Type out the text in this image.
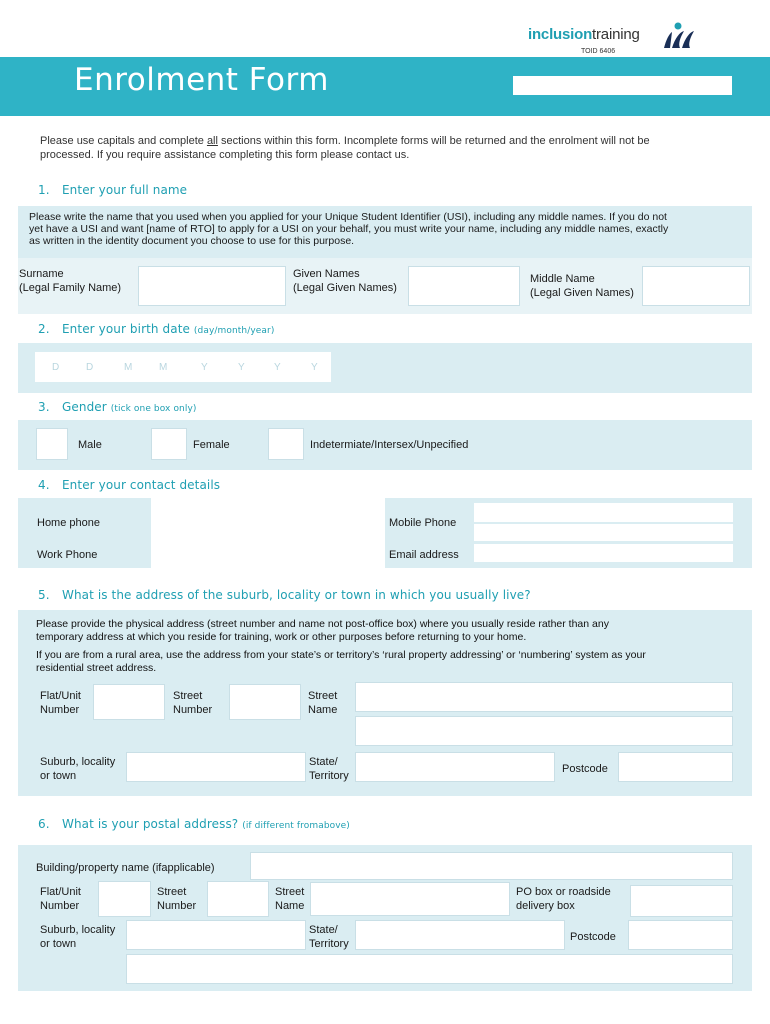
inclusiontraining
TOID 6406
Enrolment Form
Please use capitals and complete all sections within this form. Incomplete forms will be returned and the enrolment will not be
processed. If you require assistance completing this form please contact us.
1. Enter your full name
Please write the name that you used when you applied for your Unique Student Identifier (USI), including any middle names. If you do not
yet have a USI and want [name of RTO] to apply for a USI on your behalf, you must write your name, including any middle names, exactly
as written in the identity document you choose to use for this purpose.
Surname
(Legal Family Name)
Given Names
(Legal Given Names)
Middle Name
(Legal Given Names)
2. Enter your birth date (day/month/year)
D	D	M	M	Y	Y	Y	Y
3. Gender (tick one box only)
Male	Female	Indetermiate/Intersex/Unpecified
4. Enter your contact details
Home phone
Work Phone
Mobile Phone
Email address
5. What is the address of the suburb, locality or town in which you usually live?
Please provide the physical address (street number and name not post-office box) where you usually reside rather than any
temporary address at which you reside for training, work or other purposes before returning to your home.
If you are from a rural area, use the address from your state’s or territory’s ‘rural property addressing’ or ‘numbering’ system as your
residential street address.
Flat/Unit
Number
Street
Number
Street
Name
Suburb, locality
or town
State/
Territory
Postcode
6. What is your postal address? (if different fromabove)
Building/property name (ifapplicable)
Flat/Unit
Number
Street
Number
Street
Name
PO box or roadside
delivery box
Suburb, locality
or town
State/
Territory
Postcode
